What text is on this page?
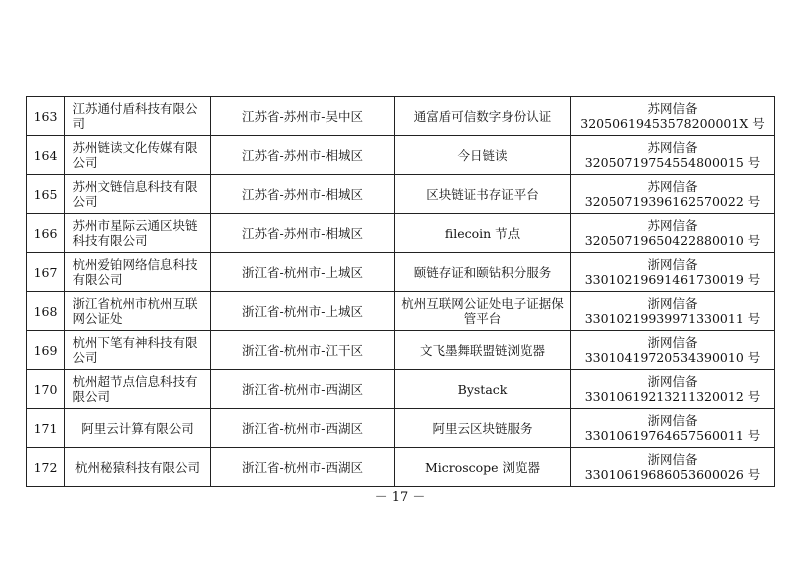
163	江苏通付盾科技有限公司	江苏省-苏州市-吴中区	通富盾可信数字身份认证	苏网信备 32050619453578200001X 号
164	苏州链读文化传媒有限公司	江苏省-苏州市-相城区	今日链读	苏网信备 32050719754554800015 号
165	苏州文链信息科技有限公司	江苏省-苏州市-相城区	区块链证书存证平台	苏网信备 32050719396162570022 号
166	苏州市星际云通区块链科技有限公司	江苏省-苏州市-相城区	filecoin 节点	苏网信备 32050719650422880010 号
167	杭州爱铂网络信息科技有限公司	浙江省-杭州市-上城区	颐链存证和颐钻积分服务	浙网信备 33010219691461730019 号
168	浙江省杭州市杭州互联网公证处	浙江省-杭州市-上城区	杭州互联网公证处电子证据保管平台	浙网信备 33010219939971330011 号
169	杭州下笔有神科技有限公司	浙江省-杭州市-江干区	文飞墨舞联盟链浏览器	浙网信备 33010419720534390010 号
170	杭州超节点信息科技有限公司	浙江省-杭州市-西湖区	Bystack	浙网信备 33010619213211320012 号
171	阿里云计算有限公司	浙江省-杭州市-西湖区	阿里云区块链服务	浙网信备 33010619764657560011 号
172	杭州秘猿科技有限公司	浙江省-杭州市-西湖区	Microscope 浏览器	浙网信备 33010619686053600026 号
－ 17 －
